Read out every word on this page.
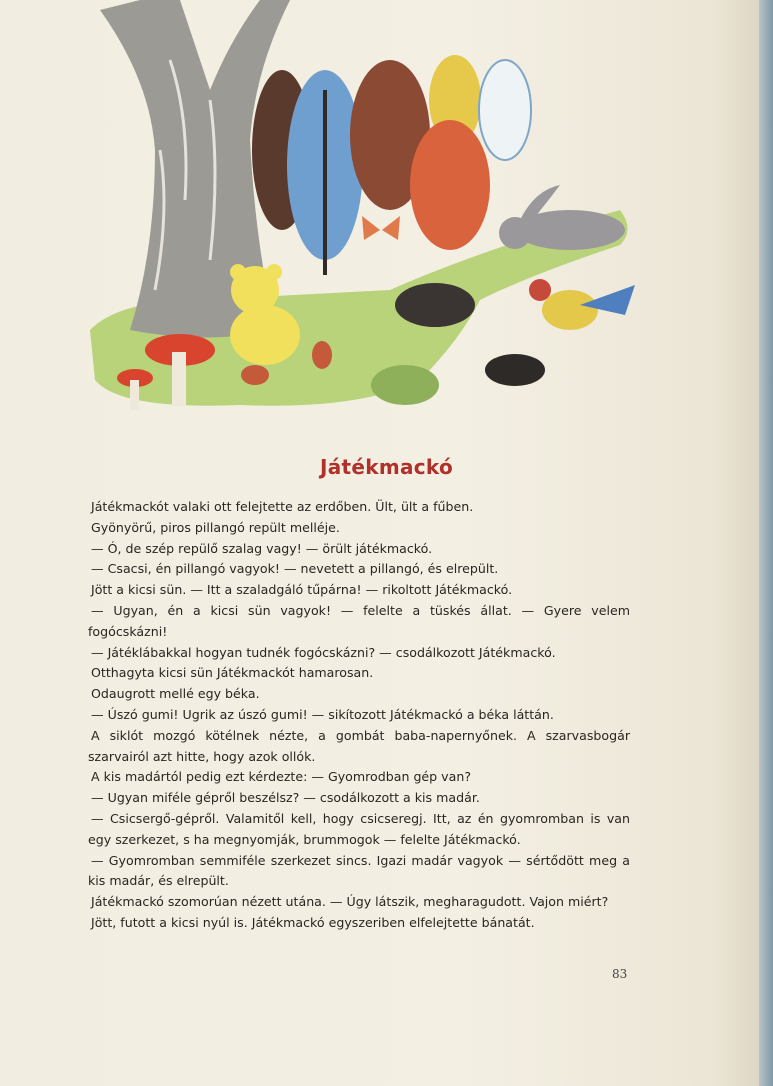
Játékmackó

Játékmackót valaki ott felejtette az erdőben. Ült, ült a fűben.

Gyönyörű, piros pillangó repült melléje.

— Ó, de szép repülő szalag vagy! — örült játékmackó.

— Csacsi, én pillangó vagyok! — nevetett a pillangó, és elrepült.

Jött a kicsi sün. — Itt a szaladgáló tűpárna! — rikoltott Játékmackó.

— Ugyan, én a kicsi sün vagyok! — felelte a tüskés állat. — Gyere velem fogócskázni!

— Játéklábakkal hogyan tudnék fogócskázni? — csodálkozott Játékmackó.

Otthagyta kicsi sün Játékmackót hamarosan.

Odaugrott mellé egy béka.

— Úszó gumi! Ugrik az úszó gumi! — sikítozott Játékmackó a béka láttán.

A siklót mozgó kötélnek nézte, a gombát baba-napernyőnek. A szarvasbogár szarvairól azt hitte, hogy azok ollók.

A kis madártól pedig ezt kérdezte: — Gyomrodban gép van?

— Ugyan miféle gépről beszélsz? — csodálkozott a kis madár.

— Csicsergő-gépről. Valamitől kell, hogy csicseregj. Itt, az én gyomromban is van egy szerkezet, s ha megnyomják, brummogok — felelte Játékmackó.

— Gyomromban semmiféle szerkezet sincs. Igazi madár vagyok — sértődött meg a kis madár, és elrepült.

Játékmackó szomorúan nézett utána. — Úgy látszik, megharagudott. Vajon miért?

Jött, futott a kicsi nyúl is. Játékmackó egyszeriben elfelejtette bánatát.

83
